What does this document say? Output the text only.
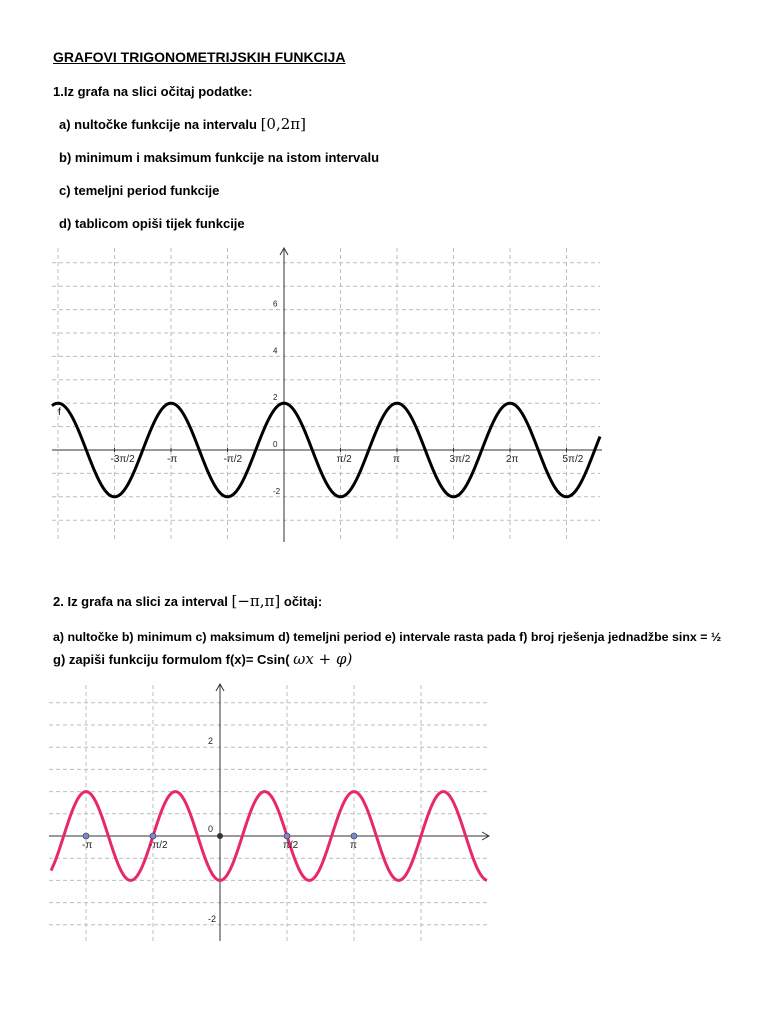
GRAFOVI TRIGONOMETRIJSKIH FUNKCIJA
1.Iz grafa na slici očitaj podatke:
a) nultočke funkcije na intervalu [0,2π]
b) minimum i maksimum funkcije na istom intervalu
c) temeljni period funkcije
d) tablicom opiši tijek funkcije
-3π/2	-π	-π/2	π/2	π	3π/2	2π	5π/2
6
4
2
0
-2
f
2. Iz grafa na slici za interval [−π,π] očitaj:
a) nultočke b) minimum c) maksimum d) temeljni period e) intervale rasta pada f) broj rješenja jednadžbe sinx = ½
g) zapiši funkciju formulom f(x)= Csin( ωx + φ)
-π	-π/2	π/2	π
2
0
-2
